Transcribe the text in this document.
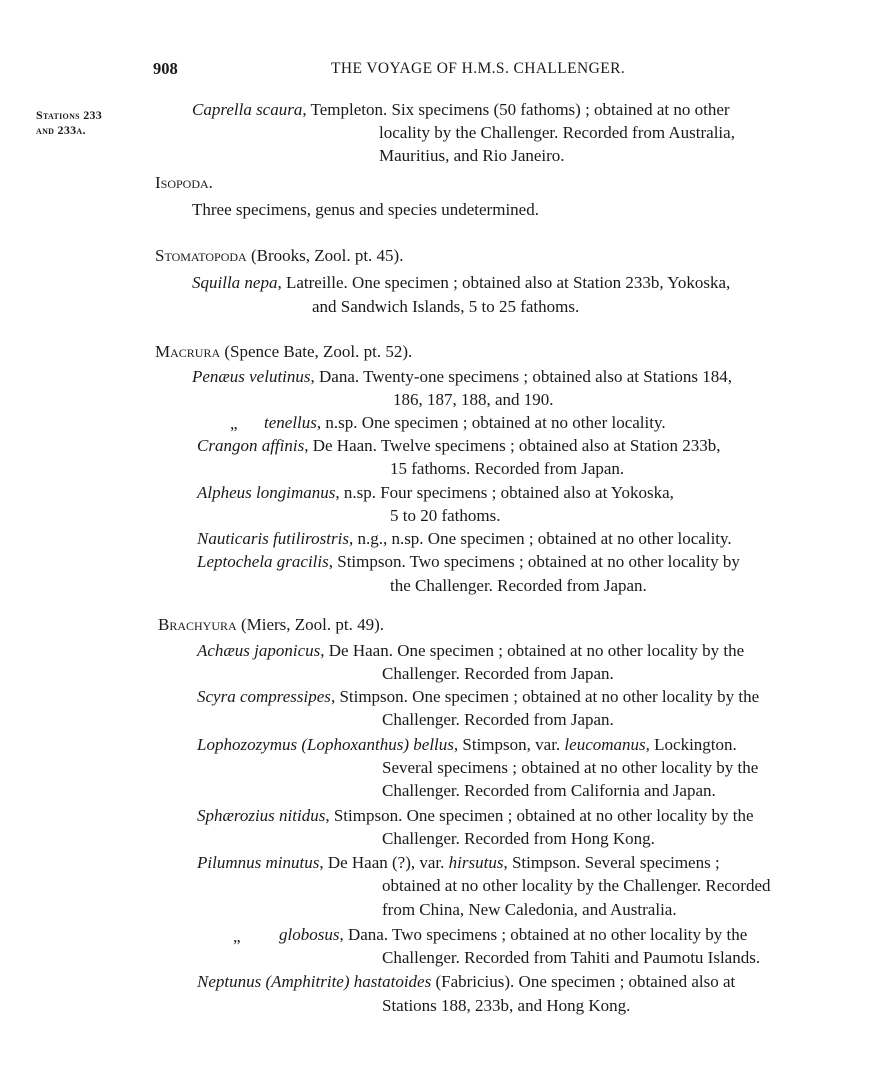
908	THE VOYAGE OF H.M.S. CHALLENGER.
Stations 233
and 233a.
Caprella scaura, Templeton. Six specimens (50 fathoms) ; obtained at no other
locality by the Challenger. Recorded from Australia,
Mauritius, and Rio Janeiro.
Isopoda.
Three specimens, genus and species undetermined.
Stomatopoda (Brooks, Zool. pt. 45).
Squilla nepa, Latreille. One specimen ; obtained also at Station 233b, Yokoska,
and Sandwich Islands, 5 to 25 fathoms.
Macrura (Spence Bate, Zool. pt. 52).
Penæus velutinus, Dana. Twenty-one specimens ; obtained also at Stations 184,
186, 187, 188, and 190.
„ tenellus, n.sp. One specimen ; obtained at no other locality.
Crangon affinis, De Haan. Twelve specimens ; obtained also at Station 233b,
15 fathoms. Recorded from Japan.
Alpheus longimanus, n.sp. Four specimens ; obtained also at Yokoska,
5 to 20 fathoms.
Nauticaris futilirostris, n.g., n.sp. One specimen ; obtained at no other locality.
Leptochela gracilis, Stimpson. Two specimens ; obtained at no other locality by
the Challenger. Recorded from Japan.
Brachyura (Miers, Zool. pt. 49).
Achæus japonicus, De Haan. One specimen ; obtained at no other locality by the
Challenger. Recorded from Japan.
Scyra compressipes, Stimpson. One specimen ; obtained at no other locality by the
Challenger. Recorded from Japan.
Lophozozymus (Lophoxanthus) bellus, Stimpson, var. leucomanus, Lockington.
Several specimens ; obtained at no other locality by the
Challenger. Recorded from California and Japan.
Sphærozius nitidus, Stimpson. One specimen ; obtained at no other locality by the
Challenger. Recorded from Hong Kong.
Pilumnus minutus, De Haan (?), var. hirsutus, Stimpson. Several specimens ;
obtained at no other locality by the Challenger. Recorded
from China, New Caledonia, and Australia.
„ globosus, Dana. Two specimens ; obtained at no other locality by the
Challenger. Recorded from Tahiti and Paumotu Islands.
Neptunus (Amphitrite) hastatoides (Fabricius). One specimen ; obtained also at
Stations 188, 233b, and Hong Kong.
